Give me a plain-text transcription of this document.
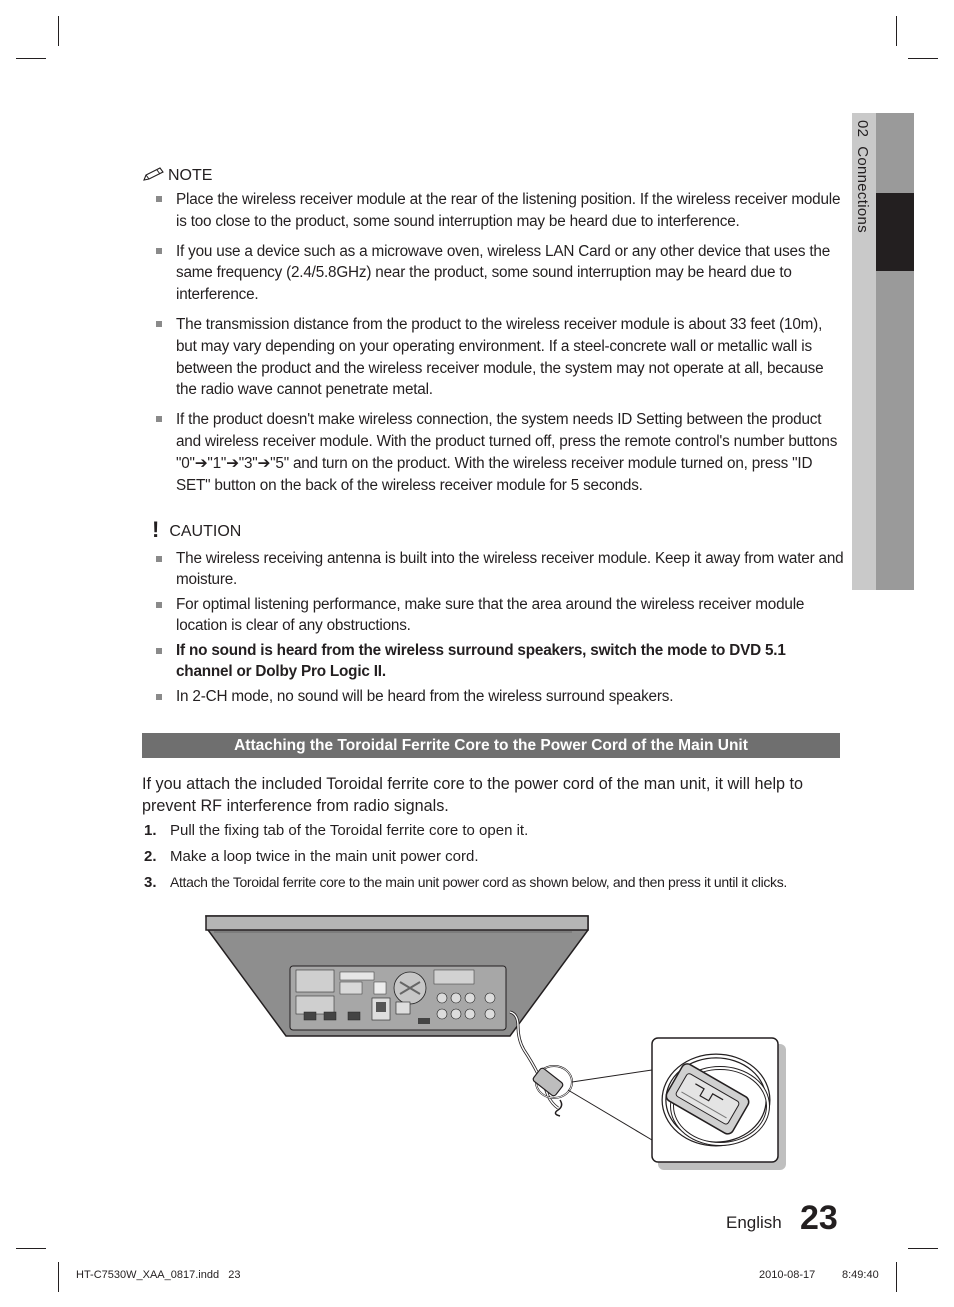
02  Connections
NOTE
Place the wireless receiver module at the rear of the listening position. If the wireless receiver module is too close to the product, some sound interruption may be heard due to interference.
If you use a device such as a microwave oven, wireless LAN Card or any other device that uses the same frequency (2.4/5.8GHz) near the product, some sound interruption may be heard due to interference.
The transmission distance from the product to the wireless receiver module is about 33 feet (10m), but may vary depending on your operating environment. If a steel-concrete wall or metallic wall is between the product and the wireless receiver module, the system may not operate at all, because the radio wave cannot penetrate metal.
If the product doesn't make wireless connection, the system needs ID Setting between the product and wireless receiver module. With the product turned off, press the remote control's number buttons "0"➔"1"➔"3"➔"5" and turn on the product. With the wireless receiver module turned on, press "ID SET" button on the back of the wireless receiver module for 5 seconds.
! CAUTION
The wireless receiving antenna is built into the wireless receiver module. Keep it away from water and moisture.
For optimal listening performance, make sure that the area around the wireless receiver module location is clear of any obstructions.
If no sound is heard from the wireless surround speakers, switch the mode to DVD 5.1 channel or Dolby Pro Logic II.
In 2-CH mode, no sound will be heard from the wireless surround speakers.
Attaching the Toroidal Ferrite Core to the Power Cord of the Main Unit
If you attach the included Toroidal ferrite core to the power cord of the man unit, it will help to prevent RF interference from radio signals.
1. Pull the fixing tab of the Toroidal ferrite core to open it.
2. Make a loop twice in the main unit power cord.
3. Attach the Toroidal ferrite core to the main unit power cord as shown below, and then press it until it clicks.
English 23
HT-C7530W_XAA_0817.indd   23	2010-08-17 8:49:40
